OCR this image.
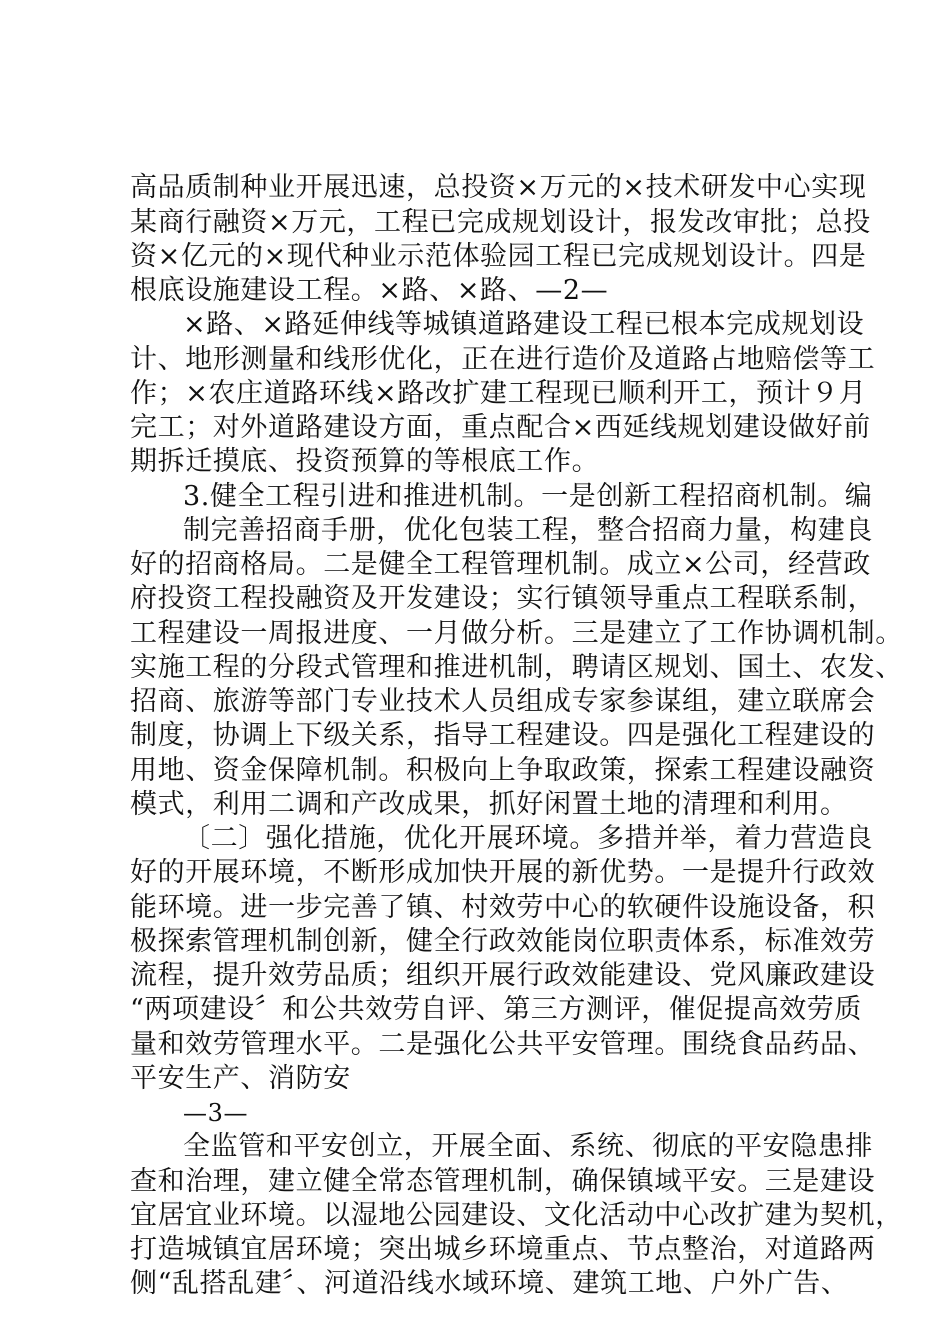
高品质制种业开展迅速，总投资×万元的×技术研发中心实现
某商行融资×万元，工程已完成规划设计，报发改审批；总投
资×亿元的×现代种业示范体验园工程已完成规划设计。四是
根底设施建设工程。×路、×路、—2—
×路、×路延伸线等城镇道路建设工程已根本完成规划设
计、地形测量和线形优化，正在进行造价及道路占地赔偿等工
作；×农庄道路环线×路改扩建工程现已顺利开工，预计９月
完工；对外道路建设方面，重点配合×西延线规划建设做好前
期拆迁摸底、投资预算的等根底工作。
3.健全工程引进和推进机制。一是创新工程招商机制。编
制完善招商手册，优化包装工程，整合招商力量，构建良
好的招商格局。二是健全工程管理机制。成立×公司，经营政
府投资工程投融资及开发建设；实行镇领导重点工程联系制，
工程建设一周报进度、一月做分析。三是建立了工作协调机制。
实施工程的分段式管理和推进机制，聘请区规划、国土、农发、
招商、旅游等部门专业技术人员组成专家参谋组，建立联席会
制度，协调上下级关系，指导工程建设。四是强化工程建设的
用地、资金保障机制。积极向上争取政策，探索工程建设融资
模式，利用二调和产改成果，抓好闲置土地的清理和利用。
〔二〕强化措施，优化开展环境。多措并举，着力营造良
好的开展环境，不断形成加快开展的新优势。一是提升行政效
能环境。进一步完善了镇、村效劳中心的软硬件设施设备，积
极探索管理机制创新，健全行政效能岗位职责体系，标准效劳
流程，提升效劳品质；组织开展行政效能建设、党风廉政建设
“两项建设〞和公共效劳自评、第三方测评，催促提高效劳质
量和效劳管理水平。二是强化公共平安管理。围绕食品药品、
平安生产、消防安
—3—
全监管和平安创立，开展全面、系统、彻底的平安隐患排
查和治理，建立健全常态管理机制，确保镇域平安。三是建设
宜居宜业环境。以湿地公园建设、文化活动中心改扩建为契机，
打造城镇宜居环境；突出城乡环境重点、节点整治，对道路两
侧“乱搭乱建〞、河道沿线水域环境、建筑工地、户外广告、
